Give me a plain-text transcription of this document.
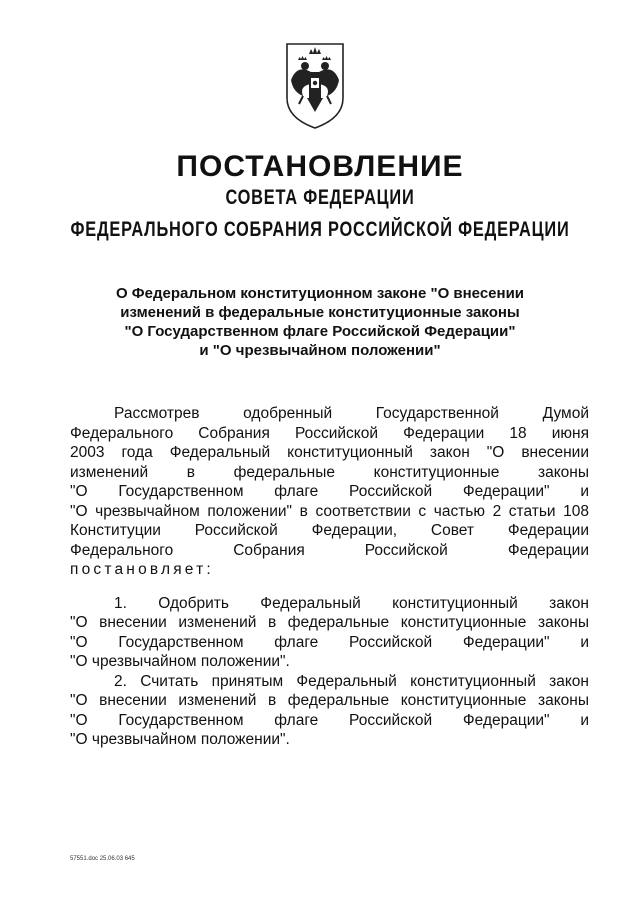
ПОСТАНОВЛЕНИЕ
СОВЕТА ФЕДЕРАЦИИ
ФЕДЕРАЛЬНОГО СОБРАНИЯ РОССИЙСКОЙ ФЕДЕРАЦИИ
О Федеральном конституционном законе "О внесении
изменений в федеральные конституционные законы
"О Государственном флаге Российской Федерации"
и "О чрезвычайном положении"
Рассмотрев одобренный Государственной Думой
Федерального Собрания Российской Федерации 18 июня
2003 года Федеральный конституционный закон "О внесении
изменений в федеральные конституционные законы
"О Государственном флаге Российской Федерации" и
"О чрезвычайном положении" в соответствии с частью 2 статьи 108
Конституции Российской Федерации, Совет Федерации
Федерального Собрания Российской Федерации
постановляет:
1. Одобрить Федеральный конституционный закон
"О внесении изменений в федеральные конституционные законы
"О Государственном флаге Российской Федерации" и
"О чрезвычайном положении".
2. Считать принятым Федеральный конституционный закон
"О внесении изменений в федеральные конституционные законы
"О Государственном флаге Российской Федерации" и
"О чрезвычайном положении".
57551.doc 25.06.03 645
